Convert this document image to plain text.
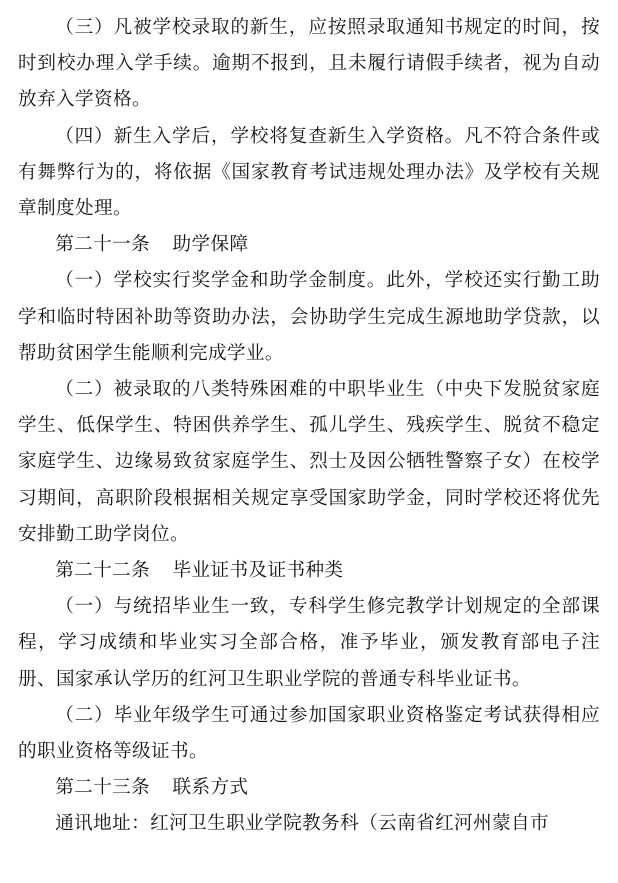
（三）凡被学校录取的新生，应按照录取通知书规定的时间，按时到校办理入学手续。逾期不报到，且未履行请假手续者，视为自动放弃入学资格。

（四）新生入学后，学校将复查新生入学资格。凡不符合条件或有舞弊行为的，将依据《国家教育考试违规处理办法》及学校有关规章制度处理。

第二十一条 助学保障

（一）学校实行奖学金和助学金制度。此外，学校还实行勤工助学和临时特困补助等资助办法，会协助学生完成生源地助学贷款，以帮助贫困学生能顺利完成学业。

（二）被录取的八类特殊困难的中职毕业生（中央下发脱贫家庭学生、低保学生、特困供养学生、孤儿学生、残疾学生、脱贫不稳定家庭学生、边缘易致贫家庭学生、烈士及因公牺牲警察子女）在校学习期间，高职阶段根据相关规定享受国家助学金，同时学校还将优先安排勤工助学岗位。

第二十二条 毕业证书及证书种类

（一）与统招毕业生一致，专科学生修完教学计划规定的全部课程，学习成绩和毕业实习全部合格，准予毕业，颁发教育部电子注册、国家承认学历的红河卫生职业学院的普通专科毕业证书。

（二）毕业年级学生可通过参加国家职业资格鉴定考试获得相应的职业资格等级证书。

第二十三条 联系方式

通讯地址：红河卫生职业学院教务科（云南省红河州蒙自市
